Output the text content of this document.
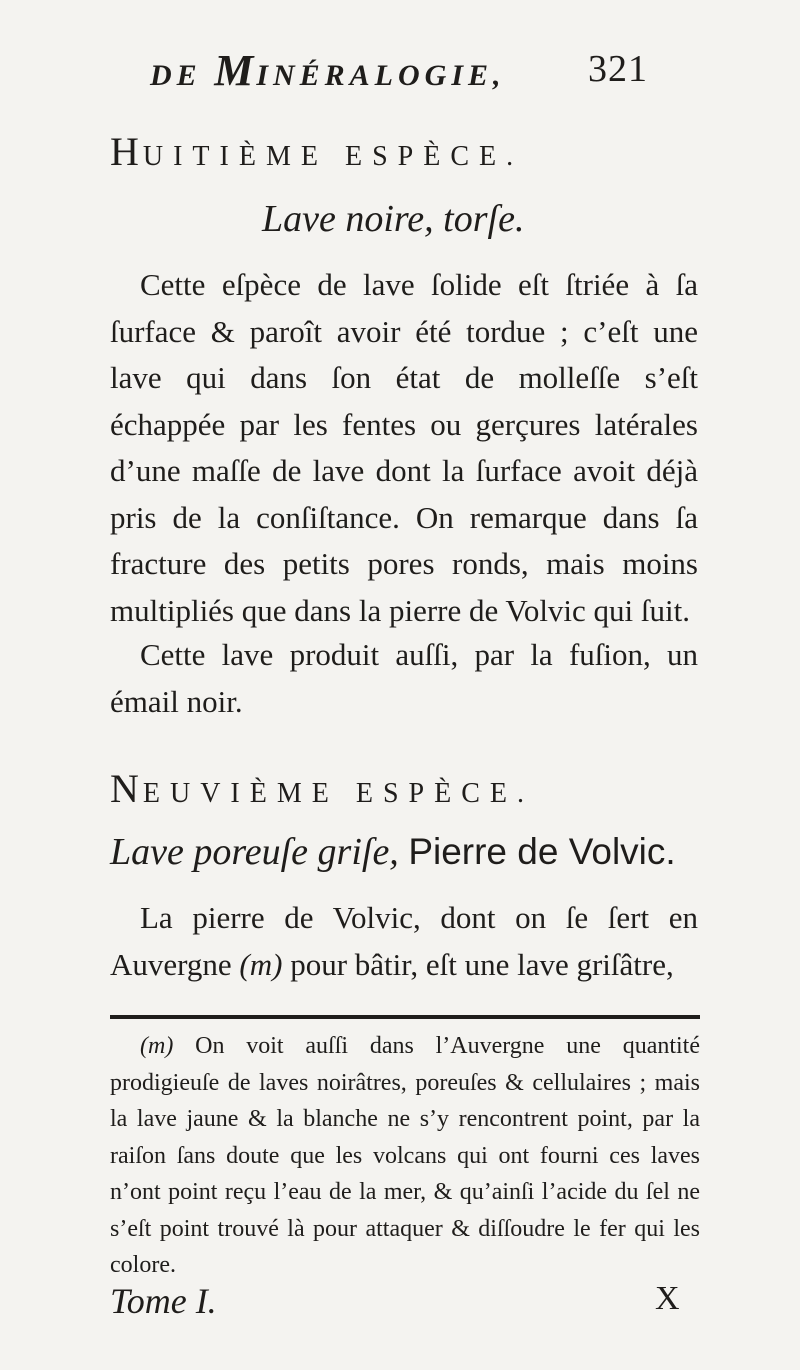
DE MINÉRALOGIE, 321
HUITIÈME ESPÈCE.
Lave noire, torſe.

Cette eſpèce de lave ſolide eſt ſtriée à ſa ſurface & paroît avoir été tordue ; c’eſt une lave qui dans ſon état de molleſſe s’eſt échappée par les fentes ou gerçures latérales d’une maſſe de lave dont la ſurface avoit déjà pris de la conſiſtance. On remarque dans ſa fracture des petits pores ronds, mais moins multipliés que dans la pierre de Volvic qui ſuit.

Cette lave produit auſſi, par la fuſion, un émail noir.

NEUVIÈME ESPÈCE.
Lave poreuſe griſe, Pierre de Volvic.

La pierre de Volvic, dont on ſe ſert en Auvergne (m) pour bâtir, eſt une lave griſâtre,

(m) On voit auſſi dans l’Auvergne une quantité prodigieuſe de laves noirâtres, poreuſes & cellulaires ; mais la lave jaune & la blanche ne s’y rencontrent point, par la raiſon ſans doute que les volcans qui ont fourni ces laves n’ont point reçu l’eau de la mer, & qu’ainſi l’acide du ſel ne s’eſt point trouvé là pour attaquer & diſſoudre le fer qui les colore.

Tome I.	X
